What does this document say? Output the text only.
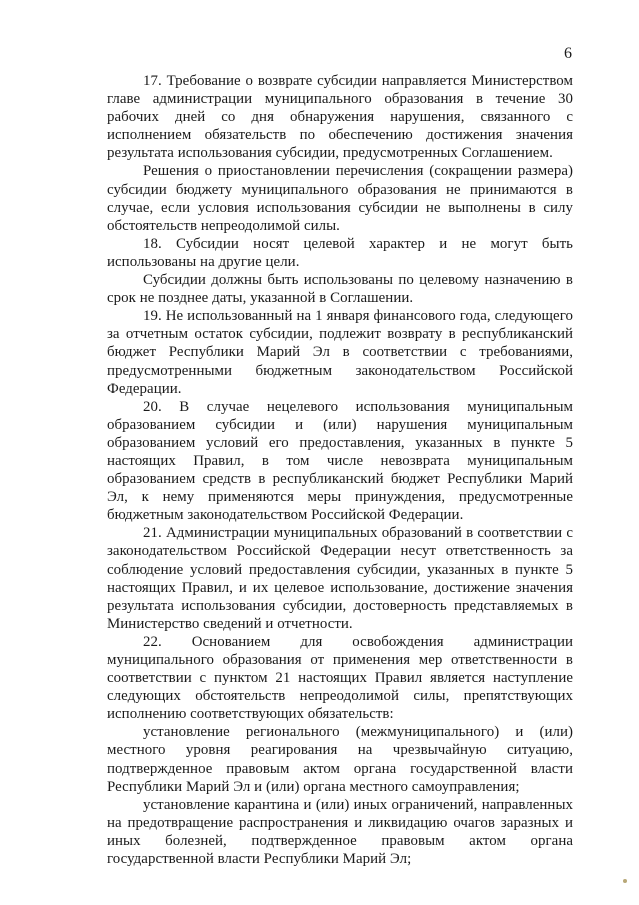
6

17. Требование о возврате субсидии направляется Министерством главе администрации муниципального образования в течение 30 рабочих дней со дня обнаружения нарушения, связанного с исполнением обязательств по обеспечению достижения значения результата использования субсидии, предусмотренных Соглашением.

Решения о приостановлении перечисления (сокращении размера) субсидии бюджету муниципального образования не принимаются в случае, если условия использования субсидии не выполнены в силу обстоятельств непреодолимой силы.

18. Субсидии носят целевой характер и не могут быть использованы на другие цели.

Субсидии должны быть использованы по целевому назначению в срок не позднее даты, указанной в Соглашении.

19. Не использованный на 1 января финансового года, следующего за отчетным остаток субсидии, подлежит возврату в республиканский бюджет Республики Марий Эл в соответствии с требованиями, предусмотренными бюджетным законодательством Российской Федерации.

20. В случае нецелевого использования муниципальным образованием субсидии и (или) нарушения муниципальным образованием условий его предоставления, указанных в пункте 5 настоящих Правил, в том числе невозврата муниципальным образованием средств в республиканский бюджет Республики Марий Эл, к нему применяются меры принуждения, предусмотренные бюджетным законодательством Российской Федерации.

21. Администрации муниципальных образований в соответствии с законодательством Российской Федерации несут ответственность за соблюдение условий предоставления субсидии, указанных в пункте 5 настоящих Правил, и их целевое использование, достижение значения результата использования субсидии, достоверность представляемых в Министерство сведений и отчетности.

22. Основанием для освобождения администрации муниципального образования от применения мер ответственности в соответствии с пунктом 21 настоящих Правил является наступление следующих обстоятельств непреодолимой силы, препятствующих исполнению соответствующих обязательств:

установление регионального (межмуниципального) и (или) местного уровня реагирования на чрезвычайную ситуацию, подтвержденное правовым актом органа государственной власти Республики Марий Эл и (или) органа местного самоуправления;

установление карантина и (или) иных ограничений, направленных на предотвращение распространения и ликвидацию очагов заразных и иных болезней, подтвержденное правовым актом органа государственной власти Республики Марий Эл;
